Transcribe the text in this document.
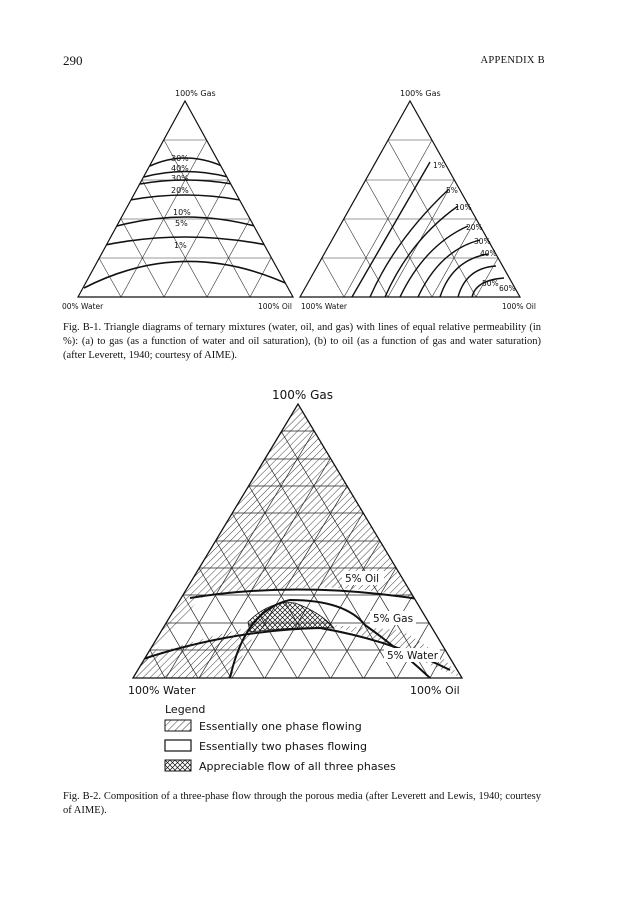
290	APPENDIX B
100% Gas
00% Water	100% Oil
30%
40%
30%
20%
10%
5%
1%
100% Gas
100% Water	100% Oil
1%
5%
10%
20%
30%
40%
50%
60%
100% Gas
100% Water	100% Oil
5% Oil
5% Gas
5% Water
Legend
Essentially one phase flowing
Essentially two phases flowing
Appreciable flow of all three phases
Fig. B-1. Triangle diagrams of ternary mixtures (water, oil, and gas) with lines of equal relative permeability (in %): (a) to gas (as a function of water and oil saturation), (b) to oil (as a function of gas and water saturation) (after Leverett, 1940; courtesy of AIME).
Fig. B-2. Composition of a three-phase flow through the porous media (after Leverett and Lewis, 1940; courtesy of AIME).
